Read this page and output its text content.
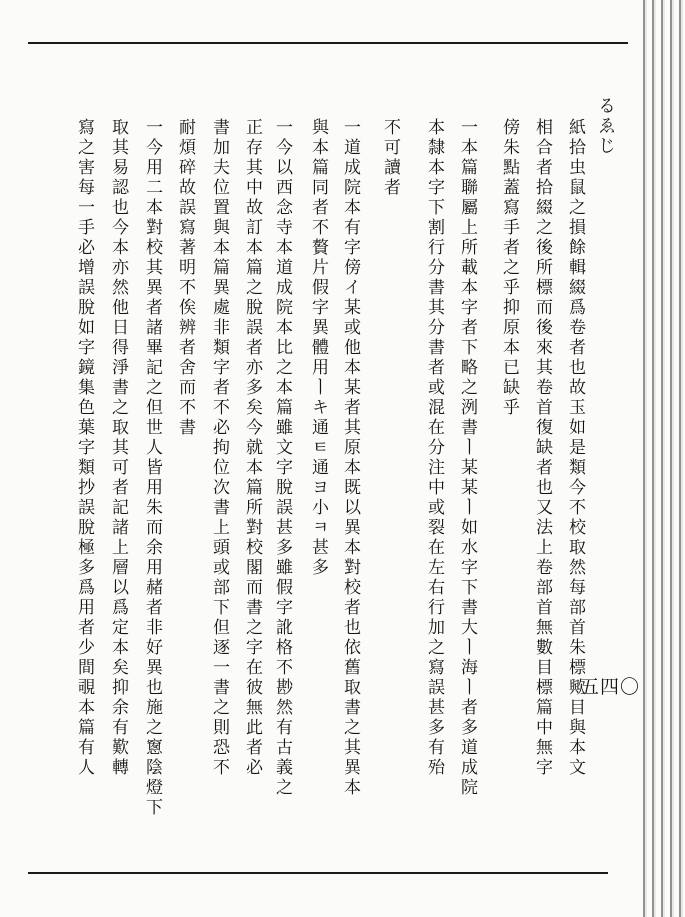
るゑじ
五四〇
紙拾虫鼠之損餘輯綴爲卷者也故玉如是類今不校取然每部首朱標歟目與本文
相合者拾綴之後所標而後來其卷首復缺者也又法上卷部首無數目標篇中無字
傍朱點蓋寫手者之乎抑原本已缺乎
一本篇聯屬上所載本字者下略之洌書ㅣ某某ㅣ如水字下書大ㅣ海ㅣ者多道成院
本隸本字下割行分書其分書者或混在分注中或裂在左右行加之寫誤甚多有殆
不可讀者
一道成院本有字傍イ某或他本某者其原本既以異本對校者也依舊取書之其異本
與本篇同者不贅片假字異體用ㅣキ通ㅌ通ヨ小ㅋ甚多
一今以西念寺本道成院本比之本篇雖文字脫誤甚多雖假字訛格不尠然有古義之
正存其中故訂本篇之脫誤者亦多矣今就本篇所對校閣而書之字在彼無此者必
書加夫位置與本篇異處非類字者不必拘位次書上頭或部下但逐一書之則恐不
耐煩碎故誤寫著明不俟辨者舍而不書
一今用二本對校其異者諸畢記之但世人皆用朱而余用赭者非好異也施之窻陰燈下
取其易認也今本亦然他日得淨書之取其可者記諸上層以爲定本矣抑余有歎轉
寫之害每一手必增誤脫如字鏡集色葉字類抄誤脫極多爲用者少間覗本篇有人
